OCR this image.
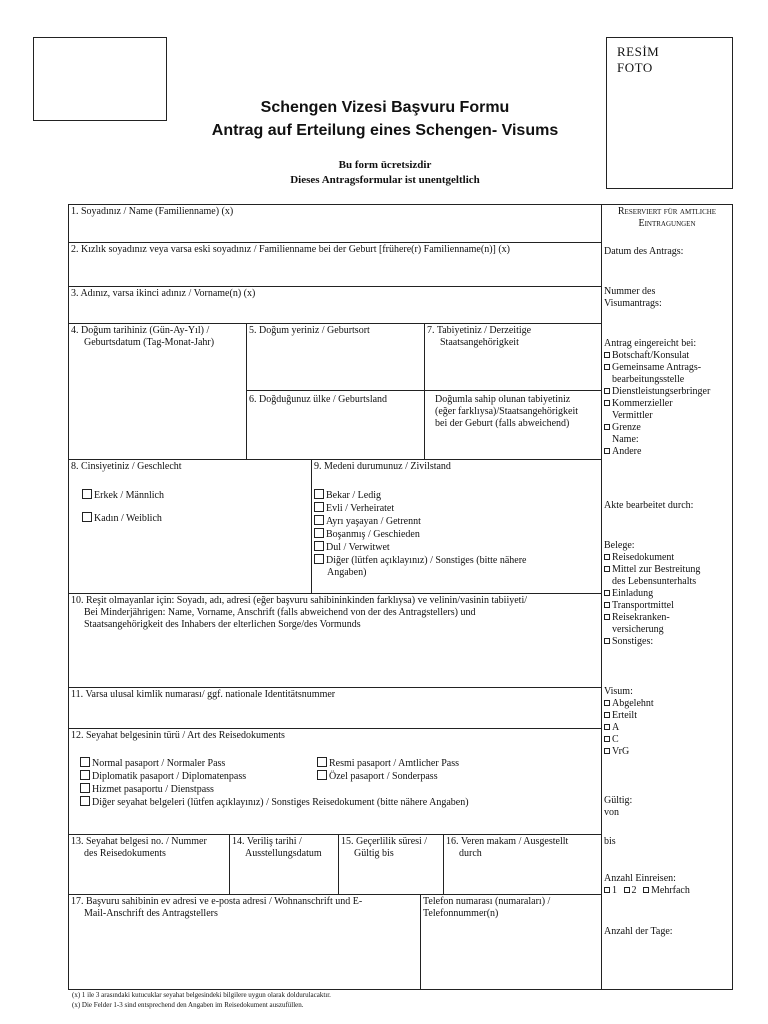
RESİM
FOTO
Schengen Vizesi Başvuru Formu
Antrag auf Erteilung eines Schengen- Visums
Bu form ücretsizdir
Dieses Antragsformular ist unentgeltlich
1. Soyadınız / Name (Familienname) (x)
2. Kızlık soyadınız veya varsa eski soyadınız / Familienname bei der Geburt [frühere(r) Familienname(n)] (x)
3. Adınız, varsa ikinci adınız / Vorname(n) (x)
4. Doğum tarihiniz (Gün-Ay-Yıl) /
Geburtsdatum (Tag-Monat-Jahr)
5. Doğum yeriniz / Geburtsort
6. Doğduğunuz ülke / Geburtsland
7. Tabiyetiniz / Derzeitige
Staatsangehörigkeit
Doğumla sahip olunan tabiyetiniz
(eğer farklıysa)/Staatsangehörigkeit
bei der Geburt (falls abweichend)
8. Cinsiyetiniz / Geschlecht
Erkek / Männlich
Kadın / Weiblich
9. Medeni durumunuz / Zivilstand
Bekar / Ledig
Evli / Verheiratet
Ayrı yaşayan / Getrennt
Boşanmış / Geschieden
Dul / Verwitwet
Diğer (lütfen açıklayınız) / Sonstiges (bitte nähere
Angaben)
10. Reşit olmayanlar için: Soyadı, adı, adresi (eğer başvuru sahibininkinden farklıysa) ve velinin/vasinin tabiiyeti/
Bei Minderjährigen: Name, Vorname, Anschrift (falls abweichend von der des Antragstellers) und
Staatsangehörigkeit des Inhabers der elterlichen Sorge/des Vormunds
11. Varsa ulusal kimlik numarası/ ggf. nationale Identitätsnummer
12. Seyahat belgesinin türü / Art des Reisedokuments
Normal pasaport / Normaler Pass
Diplomatik pasaport / Diplomatenpass
Hizmet pasaportu / Dienstpass
Diğer seyahat belgeleri (lütfen açıklayınız) / Sonstiges Reisedokument (bitte nähere Angaben)
Resmi pasaport / Amtlicher Pass
Özel pasaport / Sonderpass
13. Seyahat belgesi no. / Nummer
des Reisedokuments
14. Veriliş tarihi /
Ausstellungsdatum
15. Geçerlilik süresi /
Gültig bis
16. Veren makam / Ausgestellt
durch
17. Başvuru sahibinin ev adresi ve e-posta adresi / Wohnanschrift und E-
Mail-Anschrift des Antragstellers
Telefon numarası (numaraları) /
Telefonnummer(n)
Reserviert für amtliche
Eintragungen
Datum des Antrags:
Nummer des
Visumantrags:
Antrag eingereicht bei:
Botschaft/Konsulat
Gemeinsame Antrags-
bearbeitungsstelle
Dienstleistungserbringer
Kommerzieller
Vermittler
Grenze
Name:
Andere
Akte bearbeitet durch:
Belege:
Reisedokument
Mittel zur Bestreitung
des Lebensunterhalts
Einladung
Transportmittel
Reisekranken-
versicherung
Sonstiges:
Visum:
Abgelehnt
Erteilt
A
C
VrG
Gültig:
von
bis
Anzahl Einreisen:
1 2 Mehrfach
Anzahl der Tage:
(x) 1 ile 3 arasındaki kutucuklar seyahat belgesindeki bilgilere uygun olarak doldurulacaktır.
(x) Die Felder 1-3 sind entsprechend den Angaben im Reisedokument auszufüllen.
